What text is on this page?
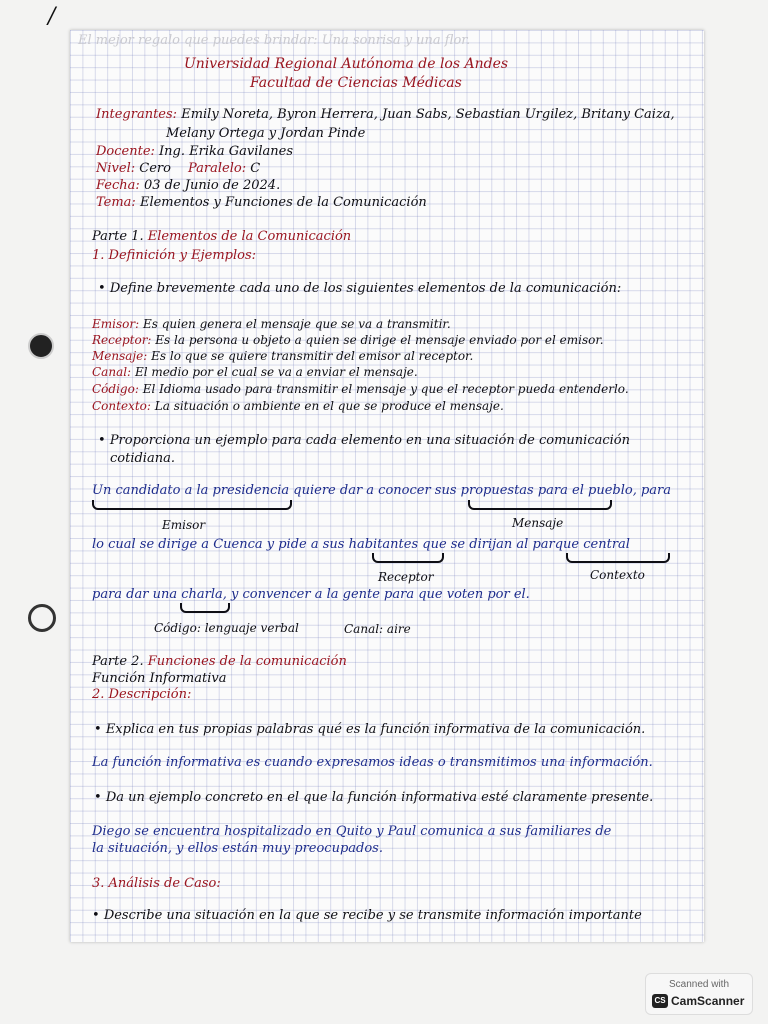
/
El mejor regalo que puedes brindar: Una sonrisa y una flor.
Universidad Regional Autónoma de los Andes
Facultad de Ciencias Médicas
Integrantes: Emily Noreta, Byron Herrera, Juan Sabs, Sebastian Urgilez, Britany Caiza,
Melany Ortega y Jordan Pinde
Docente: Ing. Erika Gavilanes
Nivel: Cero Paralelo: C
Fecha: 03 de Junio de 2024.
Tema: Elementos y Funciones de la Comunicación
Parte 1. Elementos de la Comunicación
1. Definición y Ejemplos:
• Define brevemente cada uno de los siguientes elementos de la comunicación:
Emisor: Es quien genera el mensaje que se va a transmitir.
Receptor: Es la persona u objeto a quien se dirige el mensaje enviado por el emisor.
Mensaje: Es lo que se quiere transmitir del emisor al receptor.
Canal: El medio por el cual se va a enviar el mensaje.
Código: El Idioma usado para transmitir el mensaje y que el receptor pueda entenderlo.
Contexto: La situación o ambiente en el que se produce el mensaje.
• Proporciona un ejemplo para cada elemento en una situación de comunicación
cotidiana.
Un candidato a la presidencia quiere dar a conocer sus propuestas para el pueblo, para
Emisor	Mensaje
lo cual se dirige a Cuenca y pide a sus habitantes que se dirijan al parque central
Receptor	Contexto
para dar una charla, y convencer a la gente para que voten por el.
Código: lenguaje verbal	Canal: aire
Parte 2. Funciones de la comunicación
Función Informativa
2. Descripción:
• Explica en tus propias palabras qué es la función informativa de la comunicación.
La función informativa es cuando expresamos ideas o transmitimos una información.
• Da un ejemplo concreto en el que la función informativa esté claramente presente.
Diego se encuentra hospitalizado en Quito y Paul comunica a sus familiares de
la situación, y ellos están muy preocupados.
3. Análisis de Caso:
• Describe una situación en la que se recibe y se transmite información importante
Scanned with
CS CamScanner
